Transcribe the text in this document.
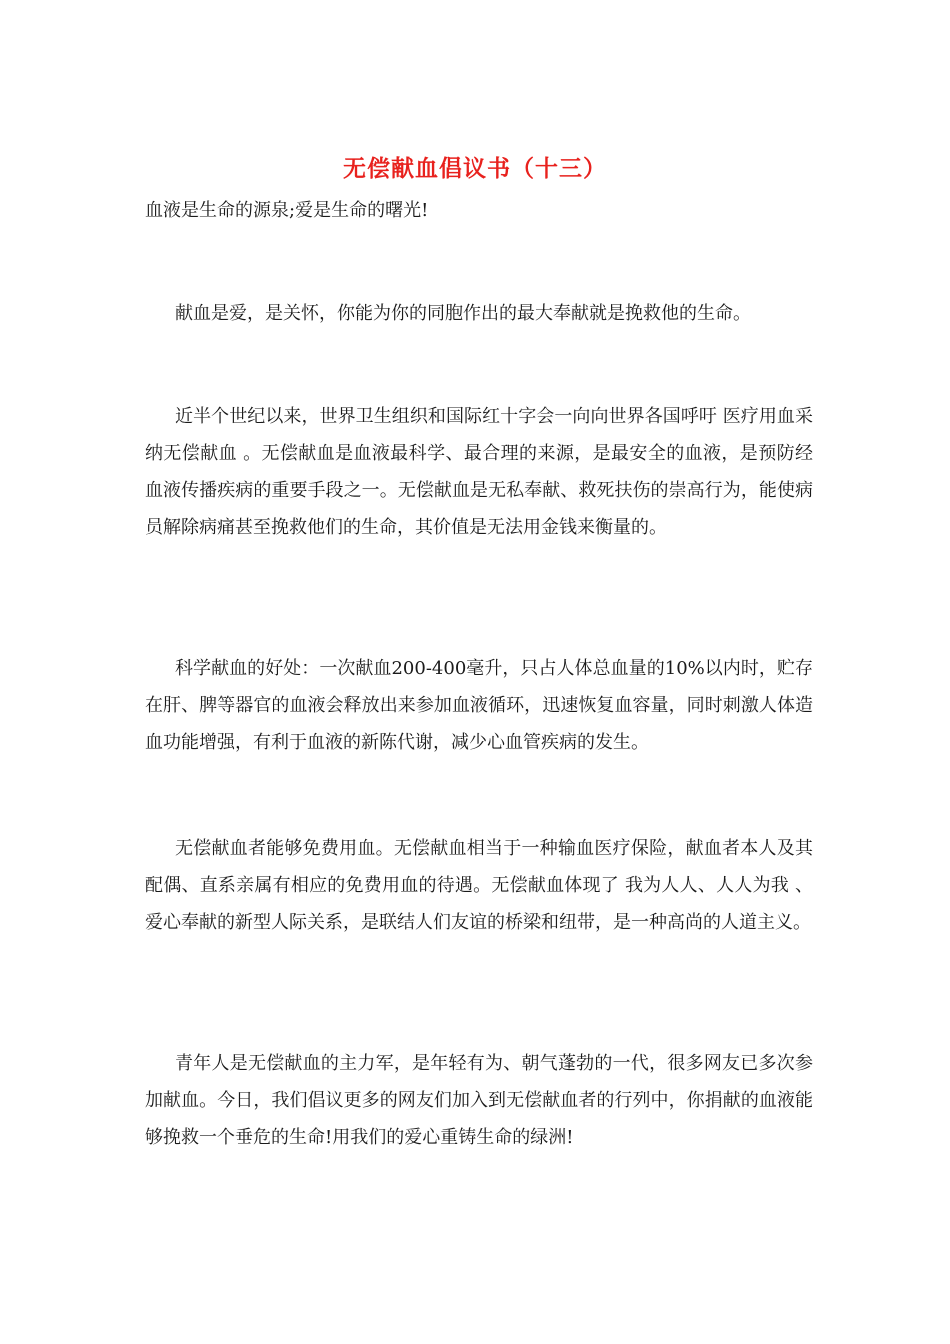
无偿献血倡议书（十三）
血液是生命的源泉;爱是生命的曙光!

献血是爱，是关怀，你能为你的同胞作出的最大奉献就是挽救他的生命。

近半个世纪以来，世界卫生组织和国际红十字会一向向世界各国呼吁 医疗用血采纳无偿献血 。无偿献血是血液最科学、最合理的来源，是最安全的血液，是预防经血液传播疾病的重要手段之一。无偿献血是无私奉献、救死扶伤的崇高行为，能使病员解除病痛甚至挽救他们的生命，其价值是无法用金钱来衡量的。

科学献血的好处：一次献血200-400毫升，只占人体总血量的10%以内时，贮存在肝、脾等器官的血液会释放出来参加血液循环，迅速恢复血容量，同时刺激人体造血功能增强，有利于血液的新陈代谢，减少心血管疾病的发生。

无偿献血者能够免费用血。无偿献血相当于一种输血医疗保险，献血者本人及其配偶、直系亲属有相应的免费用血的待遇。无偿献血体现了 我为人人、人人为我 、爱心奉献的新型人际关系，是联结人们友谊的桥梁和纽带，是一种高尚的人道主义。

青年人是无偿献血的主力军，是年轻有为、朝气蓬勃的一代，很多网友已多次参加献血。今日，我们倡议更多的网友们加入到无偿献血者的行列中，你捐献的血液能够挽救一个垂危的生命!用我们的爱心重铸生命的绿洲!
